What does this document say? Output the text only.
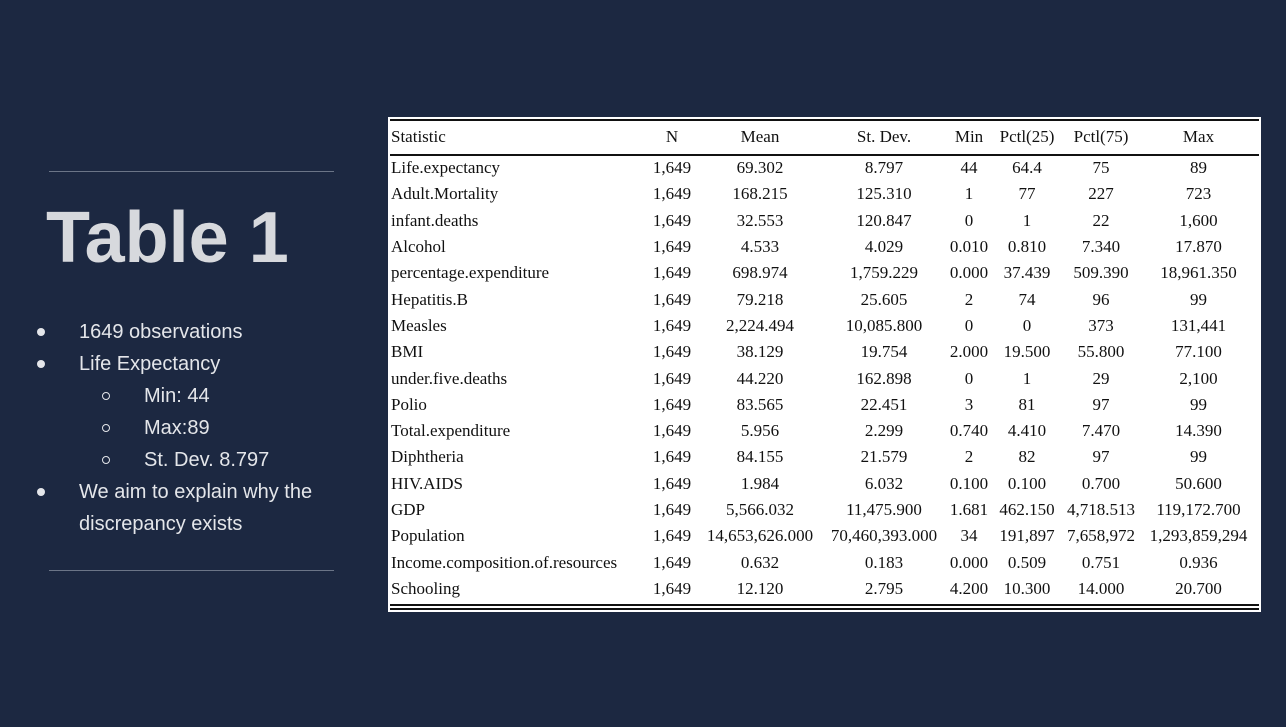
Table 1
1649 observations
Life Expectancy
Min: 44
Max:89
St. Dev. 8.797
We aim to explain why the
discrepancy exists
Statistic	N	Mean	St. Dev.	Min	Pctl(25)	Pctl(75)	Max
Life.expectancy	1,649	69.302	8.797	44	64.4	75	89
Adult.Mortality	1,649	168.215	125.310	1	77	227	723
infant.deaths	1,649	32.553	120.847	0	1	22	1,600
Alcohol	1,649	4.533	4.029	0.010	0.810	7.340	17.870
percentage.expenditure	1,649	698.974	1,759.229	0.000	37.439	509.390	18,961.350
Hepatitis.B	1,649	79.218	25.605	2	74	96	99
Measles	1,649	2,224.494	10,085.800	0	0	373	131,441
BMI	1,649	38.129	19.754	2.000	19.500	55.800	77.100
under.five.deaths	1,649	44.220	162.898	0	1	29	2,100
Polio	1,649	83.565	22.451	3	81	97	99
Total.expenditure	1,649	5.956	2.299	0.740	4.410	7.470	14.390
Diphtheria	1,649	84.155	21.579	2	82	97	99
HIV.AIDS	1,649	1.984	6.032	0.100	0.100	0.700	50.600
GDP	1,649	5,566.032	11,475.900	1.681	462.150	4,718.513	119,172.700
Population	1,649	14,653,626.000	70,460,393.000	34	191,897	7,658,972	1,293,859,294
Income.composition.of.resources	1,649	0.632	0.183	0.000	0.509	0.751	0.936
Schooling	1,649	12.120	2.795	4.200	10.300	14.000	20.700
